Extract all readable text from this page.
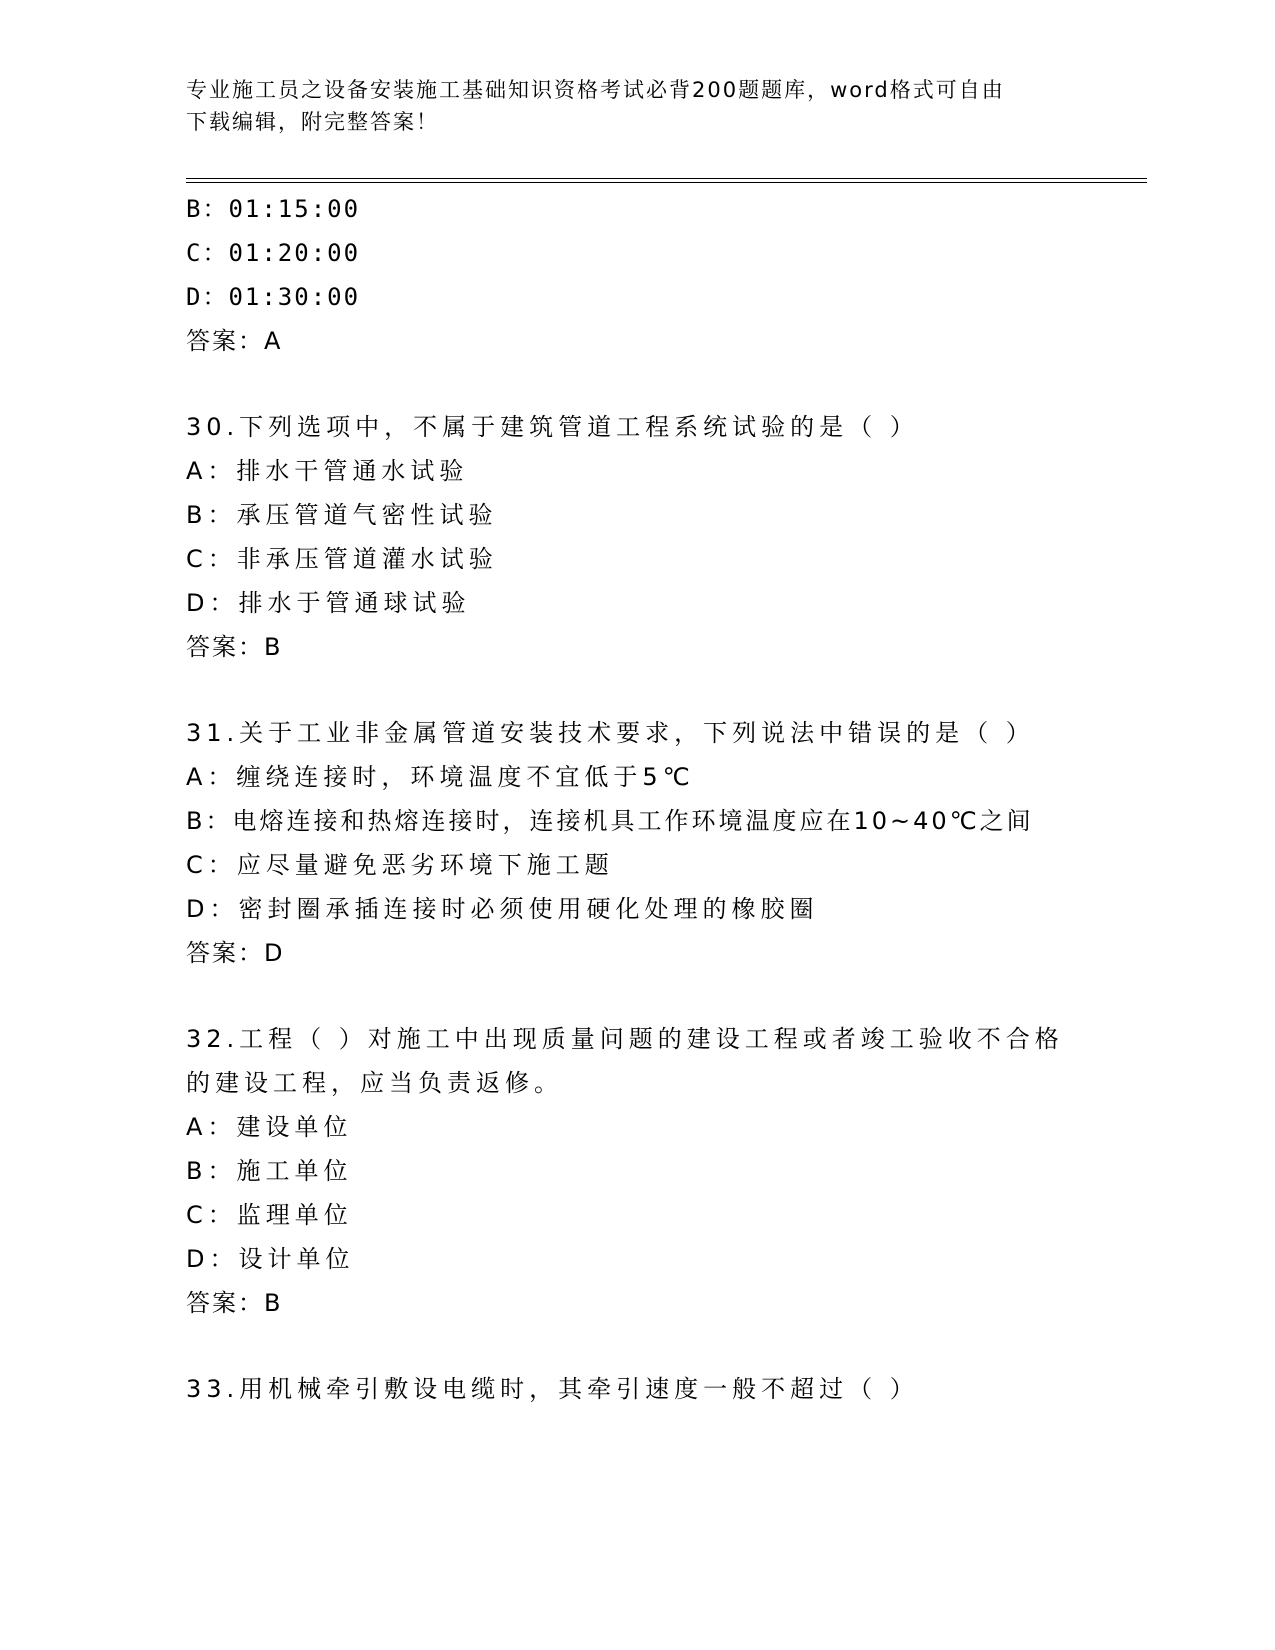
专业施工员之设备安装施工基础知识资格考试必背200题题库，word格式可自由
下载编辑，附完整答案！
B：01:15:00
C：01:20:00
D：01:30:00
答案：A
30.下列选项中，不属于建筑管道工程系统试验的是（ ）
A：排水干管通水试验
B：承压管道气密性试验
C：非承压管道灌水试验
D：排水于管通球试验
答案：B
31.关于工业非金属管道安装技术要求，下列说法中错误的是（ ）
A：缠绕连接时，环境温度不宜低于5℃
B：电熔连接和热熔连接时，连接机具工作环境温度应在10~40℃之间
C：应尽量避免恶劣环境下施工题
D：密封圈承插连接时必须使用硬化处理的橡胶圈
答案：D
32.工程（ ）对施工中出现质量问题的建设工程或者竣工验收不合格
的建设工程，应当负责返修。
A：建设单位
B：施工单位
C：监理单位
D：设计单位
答案：B
33.用机械牵引敷设电缆时，其牵引速度一般不超过（ ）
